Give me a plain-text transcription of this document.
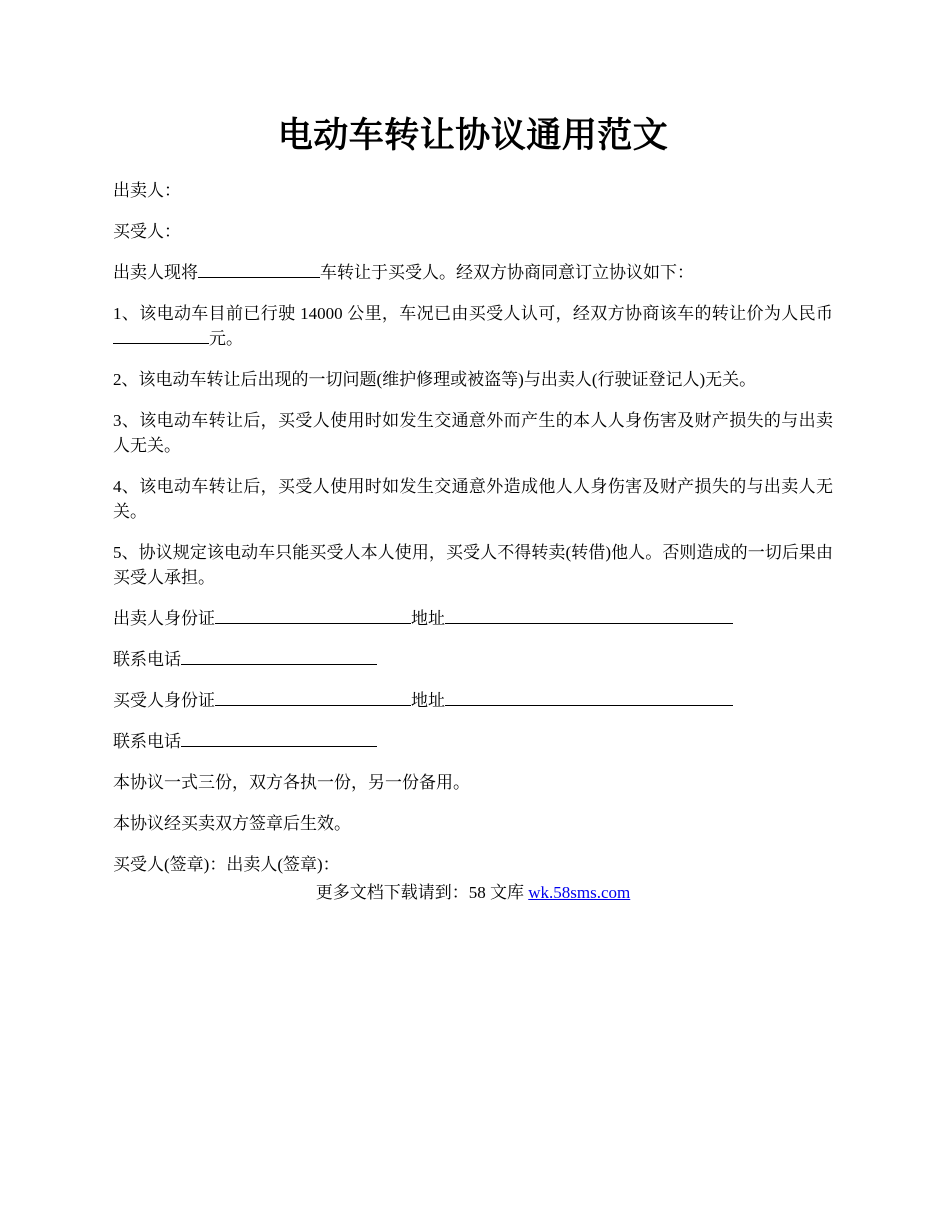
电动车转让协议通用范文

出卖人：

买受人：

出卖人现将	车转让于买受人。经双方协商同意订立协议如下：

1、该电动车目前已行驶 14000 公里，车况已由买受人认可，经双方协商该车的转让价为人民币元。

2、该电动车转让后出现的一切问题(维护修理或被盗等)与出卖人(行驶证登记人)无关。

3、该电动车转让后，买受人使用时如发生交通意外而产生的本人人身伤害及财产损失的与出卖人无关。

4、该电动车转让后，买受人使用时如发生交通意外造成他人人身伤害及财产损失的与出卖人无关。

5、协议规定该电动车只能买受人本人使用，买受人不得转卖(转借)他人。否则造成的一切后果由买受人承担。

出卖人身份证	地址

联系电话

买受人身份证	地址

联系电话

本协议一式三份，双方各执一份，另一份备用。

本协议经买卖双方签章后生效。

买受人(签章)：出卖人(签章)：

更多文档下载请到：58 文库 wk.58sms.com
